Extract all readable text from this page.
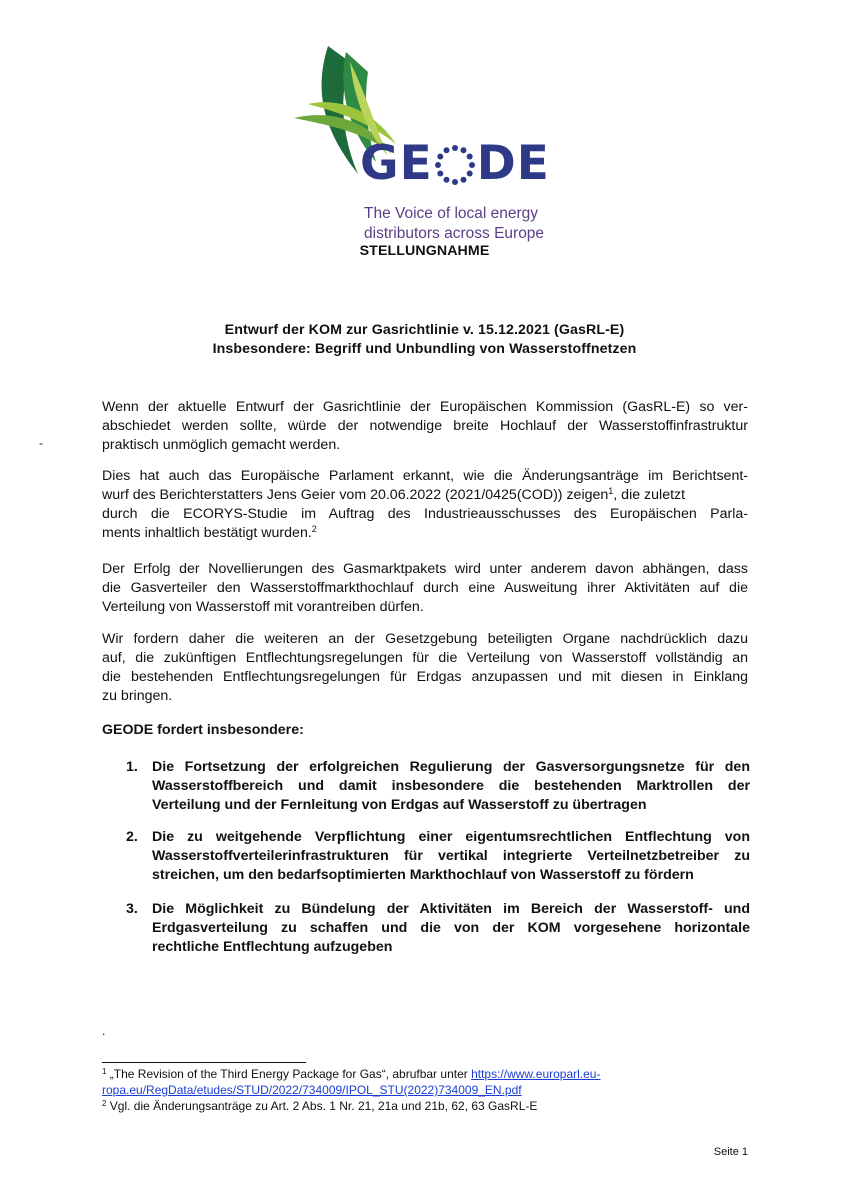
GE DE
The Voice of local energy
distributors across Europe
STELLUNGNAHME
Entwurf der KOM zur Gasrichtlinie v. 15.12.2021 (GasRL-E)
Insbesondere: Begriff und Unbundling von Wasserstoffnetzen
-
Wenn der aktuelle Entwurf der Gasrichtlinie der Europäischen Kommission (GasRL-E) so ver-
abschiedet werden sollte, würde der notwendige breite Hochlauf der Wasserstoffinfrastruktur
praktisch unmöglich gemacht werden.
Dies hat auch das Europäische Parlament erkannt, wie die Änderungsanträge im Berichtsent-
wurf des Berichterstatters Jens Geier vom 20.06.2022 (2021/0425(COD)) zeigen$^1$, die zuletzt
durch die ECORYS-Studie im Auftrag des Industrieausschusses des Europäischen Parla-
ments inhaltlich bestätigt wurden.$^2$
Der Erfolg der Novellierungen des Gasmarktpakets wird unter anderem davon abhängen, dass
die Gasverteiler den Wasserstoffmarkthochlauf durch eine Ausweitung ihrer Aktivitäten auf die
Verteilung von Wasserstoff mit vorantreiben dürfen.
Wir fordern daher die weiteren an der Gesetzgebung beteiligten Organe nachdrücklich dazu
auf, die zukünftigen Entflechtungsregelungen für die Verteilung von Wasserstoff vollständig an
die bestehenden Entflechtungsregelungen für Erdgas anzupassen und mit diesen in Einklang
zu bringen.
GEODE fordert insbesondere:
1. Die Fortsetzung der erfolgreichen Regulierung der Gasversorgungsnetze für den
Wasserstoffbereich und damit insbesondere die bestehenden Marktrollen der
Verteilung und der Fernleitung von Erdgas auf Wasserstoff zu übertragen
2. Die zu weitgehende Verpflichtung einer eigentumsrechtlichen Entflechtung von
Wasserstoffverteilerinfrastrukturen für vertikal integrierte Verteilnetzbetreiber zu
streichen, um den bedarfsoptimierten Markthochlauf von Wasserstoff zu fördern
3. Die Möglichkeit zu Bündelung der Aktivitäten im Bereich der Wasserstoff- und
Erdgasverteilung zu schaffen und die von der KOM vorgesehene horizontale
rechtliche Entflechtung aufzugeben
.
$^1$ „The Revision of the Third Energy Package for Gas“, abrufbar unter https://www.europarl.eu-
ropa.eu/RegData/etudes/STUD/2022/734009/IPOL_STU(2022)734009_EN.pdf
$^2$ Vgl. die Änderungsanträge zu Art. 2 Abs. 1 Nr. 21, 21a und 21b, 62, 63 GasRL-E
Seite 1
